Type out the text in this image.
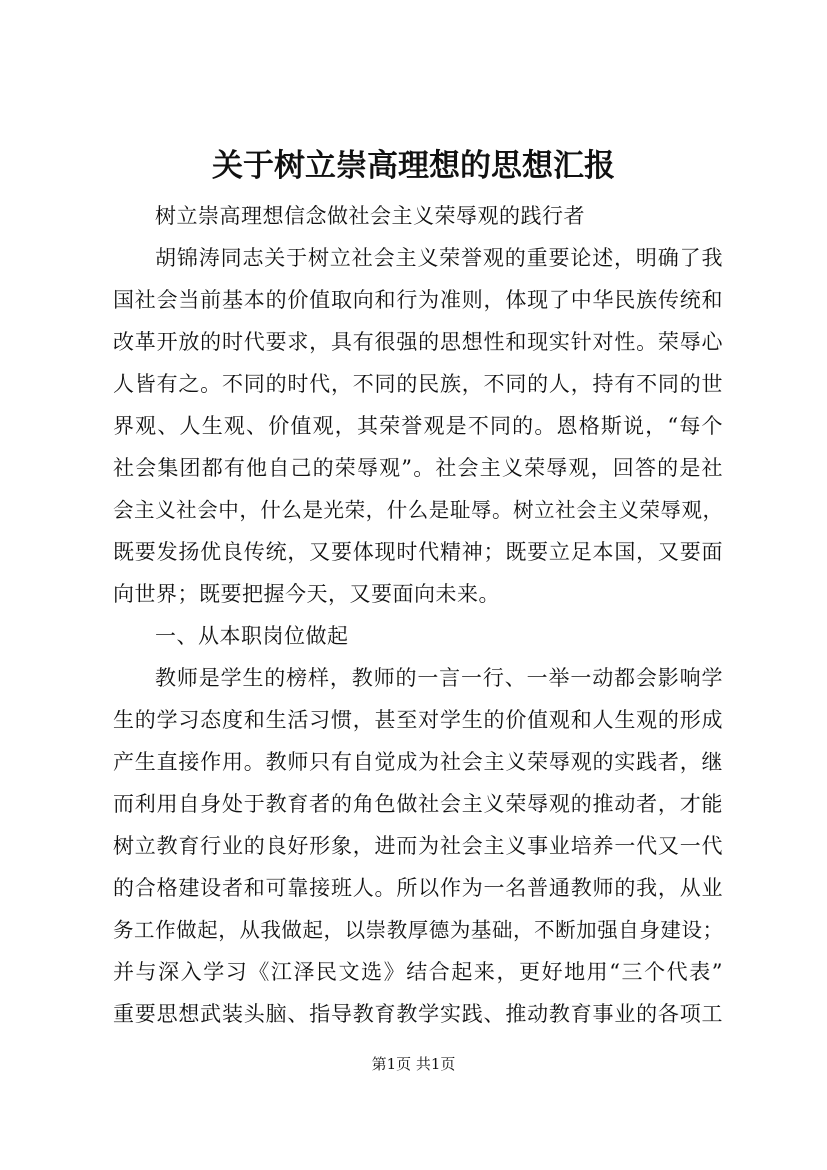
关于树立崇高理想的思想汇报
树立崇高理想信念做社会主义荣辱观的践行者
胡锦涛同志关于树立社会主义荣誉观的重要论述，明确了我
国社会当前基本的价值取向和行为准则，体现了中华民族传统和
改革开放的时代要求，具有很强的思想性和现实针对性。荣辱心
人皆有之。不同的时代，不同的民族，不同的人，持有不同的世
界观、人生观、价值观，其荣誉观是不同的。恩格斯说，“每个
社会集团都有他自己的荣辱观”。社会主义荣辱观，回答的是社
会主义社会中，什么是光荣，什么是耻辱。树立社会主义荣辱观，
既要发扬优良传统，又要体现时代精神；既要立足本国，又要面
向世界；既要把握今天，又要面向未来。
一、从本职岗位做起
教师是学生的榜样，教师的一言一行、一举一动都会影响学
生的学习态度和生活习惯，甚至对学生的价值观和人生观的形成
产生直接作用。教师只有自觉成为社会主义荣辱观的实践者，继
而利用自身处于教育者的角色做社会主义荣辱观的推动者，才能
树立教育行业的良好形象，进而为社会主义事业培养一代又一代
的合格建设者和可靠接班人。所以作为一名普通教师的我，从业
务工作做起，从我做起，以崇教厚德为基础，不断加强自身建设；
并与深入学习《江泽民文选》结合起来，更好地用“三个代表”
重要思想武装头脑、指导教育教学实践、推动教育事业的各项工
第1页 共1页
